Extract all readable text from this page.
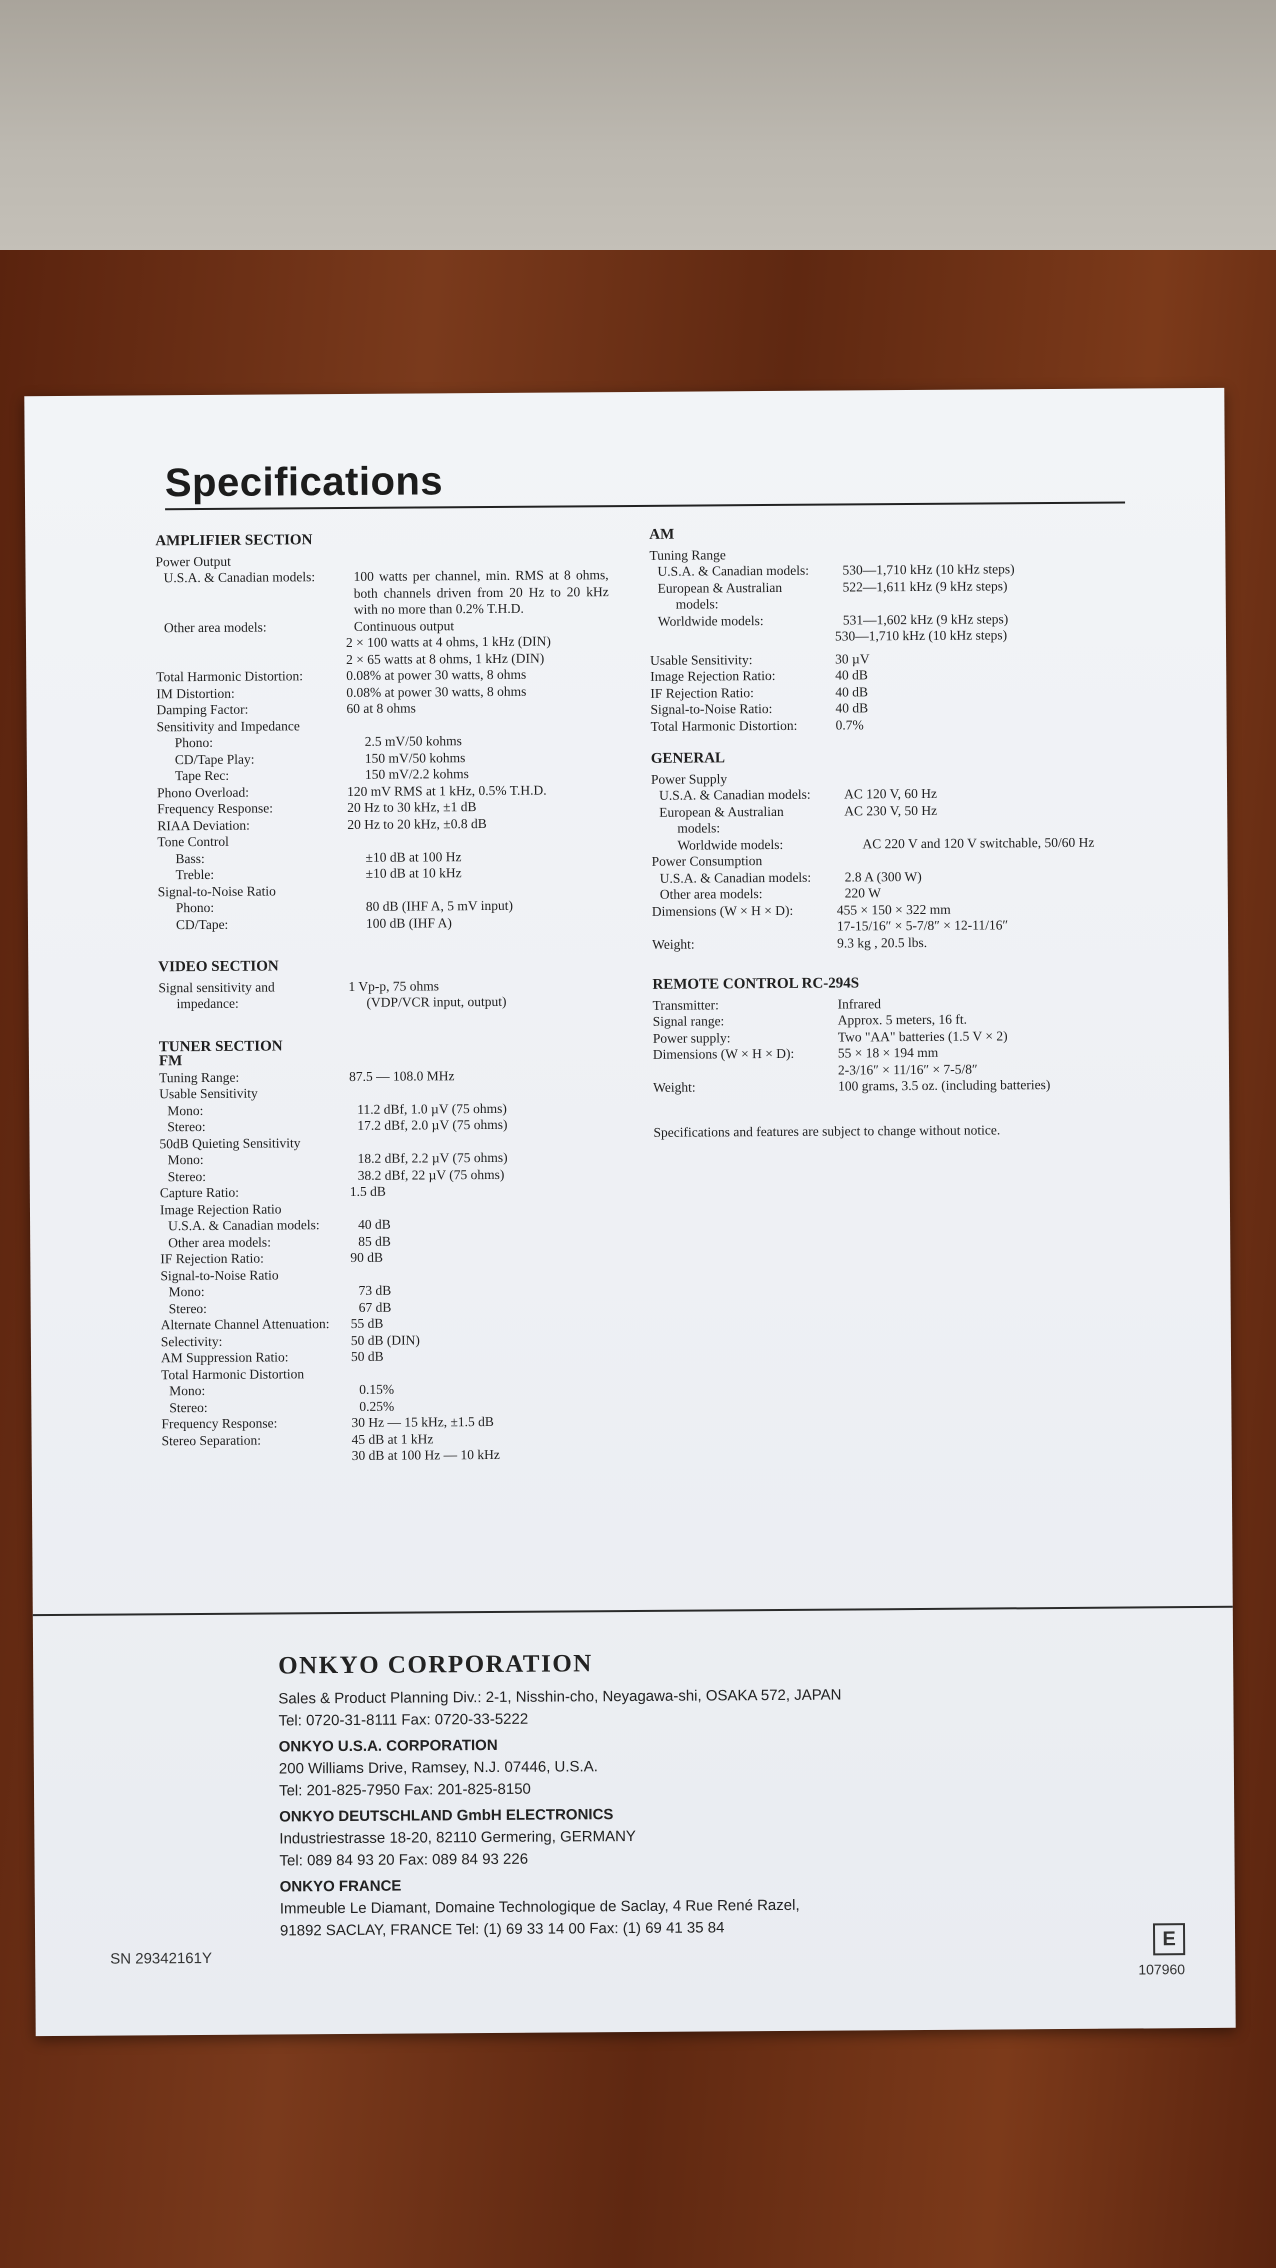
Specifications
AMPLIFIER SECTION
Power Output
U.S.A. & Canadian models:	100 watts per channel, min. RMS at 8 ohms, both channels driven from 20 Hz to 20 kHz with no more than 0.2% T.H.D.
Other area models:	Continuous output
2 × 100 watts at 4 ohms, 1 kHz (DIN)
2 × 65 watts at 8 ohms, 1 kHz (DIN)
Total Harmonic Distortion:	0.08% at power 30 watts, 8 ohms
IM Distortion:	0.08% at power 30 watts, 8 ohms
Damping Factor:	60 at 8 ohms
Sensitivity and Impedance
Phono:	2.5 mV/50 kohms
CD/Tape Play:	150 mV/50 kohms
Tape Rec:	150 mV/2.2 kohms
Phono Overload:	120 mV RMS at 1 kHz, 0.5% T.H.D.
Frequency Response:	20 Hz to 30 kHz, ±1 dB
RIAA Deviation:	20 Hz to 20 kHz, ±0.8 dB
Tone Control
Bass:	±10 dB at 100 Hz
Treble:	±10 dB at 10 kHz
Signal-to-Noise Ratio
Phono:	80 dB (IHF A, 5 mV input)
CD/Tape:	100 dB (IHF A)
VIDEO SECTION
Signal sensitivity and	1 Vp-p, 75 ohms
impedance:	(VDP/VCR input, output)
TUNER SECTION
FM
Tuning Range:	87.5 — 108.0 MHz
Usable Sensitivity
Mono:	11.2 dBf, 1.0 µV (75 ohms)
Stereo:	17.2 dBf, 2.0 µV (75 ohms)
50dB Quieting Sensitivity
Mono:	18.2 dBf, 2.2 µV (75 ohms)
Stereo:	38.2 dBf, 22 µV (75 ohms)
Capture Ratio:	1.5 dB
Image Rejection Ratio
U.S.A. & Canadian models:	40 dB
Other area models:	85 dB
IF Rejection Ratio:	90 dB
Signal-to-Noise Ratio
Mono:	73 dB
Stereo:	67 dB
Alternate Channel Attenuation:	55 dB
Selectivity:	50 dB (DIN)
AM Suppression Ratio:	50 dB
Total Harmonic Distortion
Mono:	0.15%
Stereo:	0.25%
Frequency Response:	30 Hz — 15 kHz, ±1.5 dB
Stereo Separation:	45 dB at 1 kHz
30 dB at 100 Hz — 10 kHz
AM
Tuning Range
U.S.A. & Canadian models:	530—1,710 kHz (10 kHz steps)
European & Australian	522—1,611 kHz (9 kHz steps)
models:
Worldwide models:	531—1,602 kHz (9 kHz steps)
530—1,710 kHz (10 kHz steps)
Usable Sensitivity:	30 µV
Image Rejection Ratio:	40 dB
IF Rejection Ratio:	40 dB
Signal-to-Noise Ratio:	40 dB
Total Harmonic Distortion:	0.7%
GENERAL
Power Supply
U.S.A. & Canadian models:	AC 120 V, 60 Hz
European & Australian	AC 230 V, 50 Hz
models:
Worldwide models:	AC 220 V and 120 V switchable, 50/60 Hz
Power Consumption
U.S.A. & Canadian models:	2.8 A (300 W)
Other area models:	220 W
Dimensions (W × H × D):	455 × 150 × 322 mm
17-15/16″ × 5-7/8″ × 12-11/16″
Weight:	9.3 kg , 20.5 lbs.
REMOTE CONTROL RC-294S
Transmitter:	Infrared
Signal range:	Approx. 5 meters, 16 ft.
Power supply:	Two "AA" batteries (1.5 V × 2)
Dimensions (W × H × D):	55 × 18 × 194 mm
2-3/16″ × 11/16″ × 7-5/8″
Weight:	100 grams, 3.5 oz. (including batteries)
Specifications and features are subject to change without notice.
ONKYO CORPORATION
Sales & Product Planning Div.: 2-1, Nisshin-cho, Neyagawa-shi, OSAKA 572, JAPAN
Tel: 0720-31-8111 Fax: 0720-33-5222
ONKYO U.S.A. CORPORATION
200 Williams Drive, Ramsey, N.J. 07446, U.S.A.
Tel: 201-825-7950 Fax: 201-825-8150
ONKYO DEUTSCHLAND GmbH ELECTRONICS
Industriestrasse 18-20, 82110 Germering, GERMANY
Tel: 089 84 93 20 Fax: 089 84 93 226
ONKYO FRANCE
Immeuble Le Diamant, Domaine Technologique de Saclay, 4 Rue René Razel,
91892 SACLAY, FRANCE Tel: (1) 69 33 14 00 Fax: (1) 69 41 35 84
SN 29342161Y
E
107960
